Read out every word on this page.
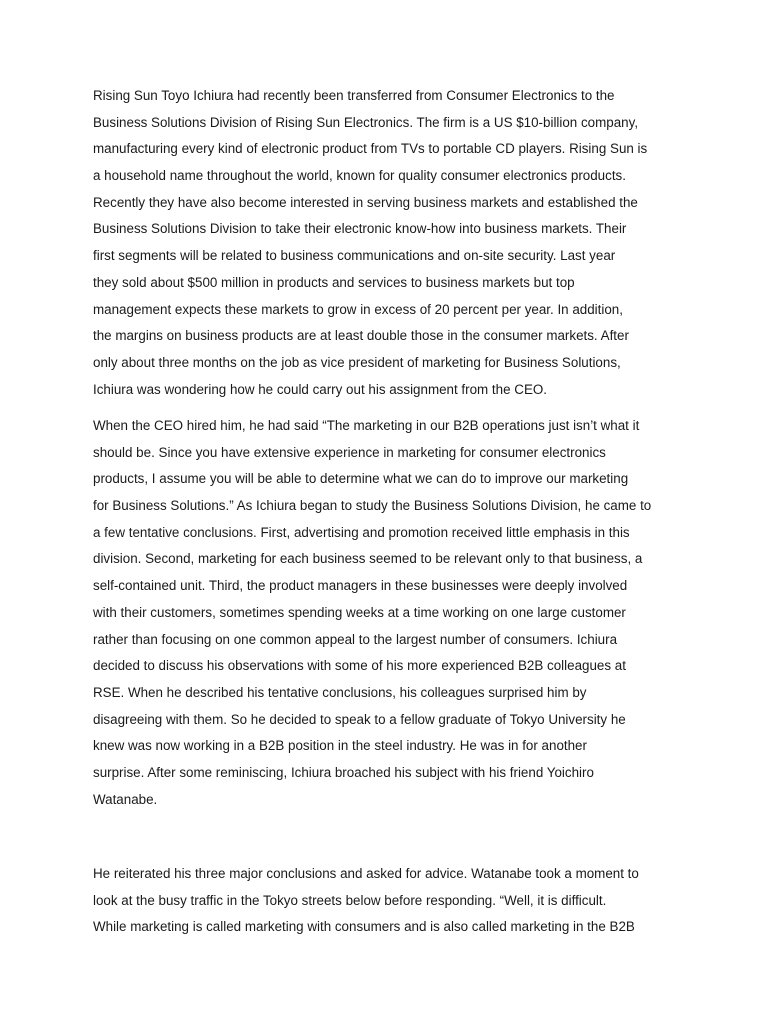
Rising Sun Toyo Ichiura had recently been transferred from Consumer Electronics to the
Business Solutions Division of Rising Sun Electronics. The firm is a US $10-billion company,
manufacturing every kind of electronic product from TVs to portable CD players. Rising Sun is
a household name throughout the world, known for quality consumer electronics products.
Recently they have also become interested in serving business markets and established the
Business Solutions Division to take their electronic know-how into business markets. Their
first segments will be related to business communications and on-site security. Last year
they sold about $500 million in products and services to business markets but top
management expects these markets to grow in excess of 20 percent per year. In addition,
the margins on business products are at least double those in the consumer markets. After
only about three months on the job as vice president of marketing for Business Solutions,
Ichiura was wondering how he could carry out his assignment from the CEO.
When the CEO hired him, he had said “The marketing in our B2B operations just isn’t what it
should be. Since you have extensive experience in marketing for consumer electronics
products, I assume you will be able to determine what we can do to improve our marketing
for Business Solutions.” As Ichiura began to study the Business Solutions Division, he came to
a few tentative conclusions. First, advertising and promotion received little emphasis in this
division. Second, marketing for each business seemed to be relevant only to that business, a
self-contained unit. Third, the product managers in these businesses were deeply involved
with their customers, sometimes spending weeks at a time working on one large customer
rather than focusing on one common appeal to the largest number of consumers. Ichiura
decided to discuss his observations with some of his more experienced B2B colleagues at
RSE. When he described his tentative conclusions, his colleagues surprised him by
disagreeing with them. So he decided to speak to a fellow graduate of Tokyo University he
knew was now working in a B2B position in the steel industry. He was in for another
surprise. After some reminiscing, Ichiura broached his subject with his friend Yoichiro
Watanabe.
He reiterated his three major conclusions and asked for advice. Watanabe took a moment to
look at the busy traffic in the Tokyo streets below before responding. “Well, it is difficult.
While marketing is called marketing with consumers and is also called marketing in the B2B
